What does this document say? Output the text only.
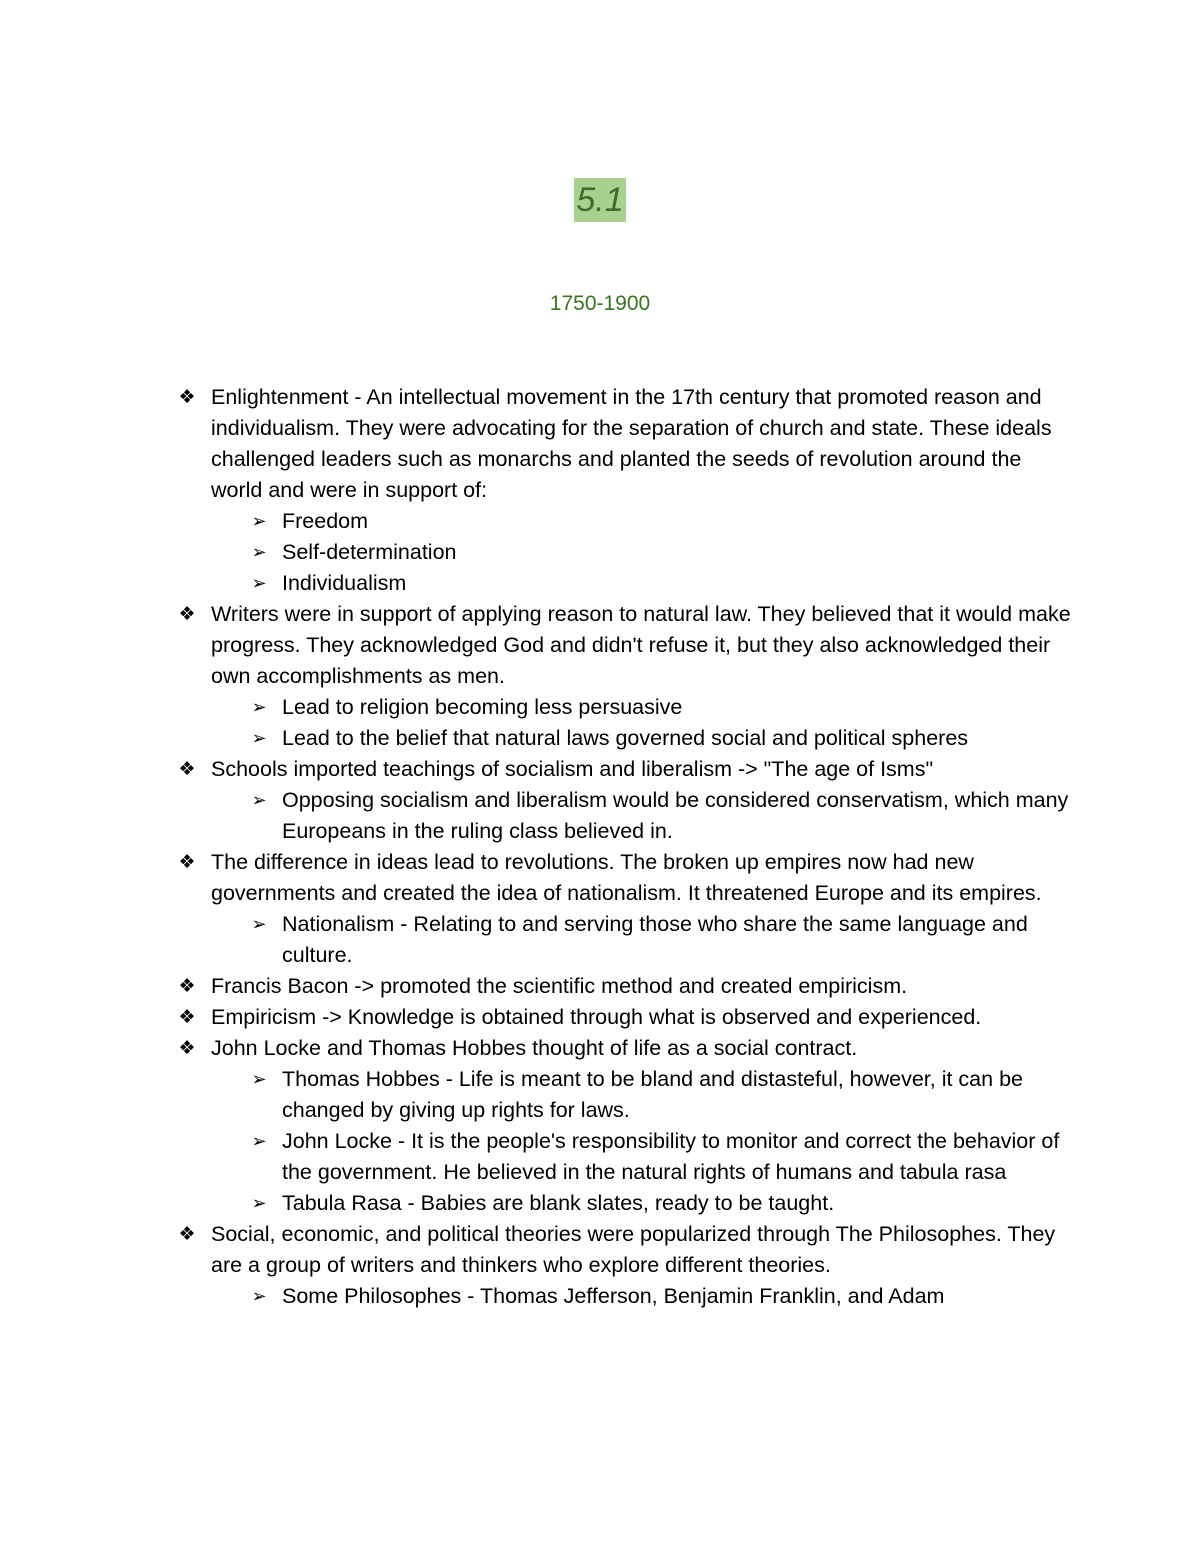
5.1
1750-1900
❖ Enlightenment - An intellectual movement in the 17th century that promoted reason and individualism. They were advocating for the separation of church and state. These ideals challenged leaders such as monarchs and planted the seeds of revolution around the world and were in support of:
➢ Freedom
➢ Self-determination
➢ Individualism
❖ Writers were in support of applying reason to natural law. They believed that it would make progress. They acknowledged God and didn't refuse it, but they also acknowledged their own accomplishments as men.
➢ Lead to religion becoming less persuasive
➢ Lead to the belief that natural laws governed social and political spheres
❖ Schools imported teachings of socialism and liberalism -> "The age of Isms"
➢ Opposing socialism and liberalism would be considered conservatism, which many Europeans in the ruling class believed in.
❖ The difference in ideas lead to revolutions. The broken up empires now had new governments and created the idea of nationalism. It threatened Europe and its empires.
➢ Nationalism - Relating to and serving those who share the same language and culture.
❖ Francis Bacon -> promoted the scientific method and created empiricism.
❖ Empiricism -> Knowledge is obtained through what is observed and experienced.
❖ John Locke and Thomas Hobbes thought of life as a social contract.
➢ Thomas Hobbes - Life is meant to be bland and distasteful, however, it can be changed by giving up rights for laws.
➢ John Locke - It is the people's responsibility to monitor and correct the behavior of the government. He believed in the natural rights of humans and tabula rasa
➢ Tabula Rasa - Babies are blank slates, ready to be taught.
❖ Social, economic, and political theories were popularized through The Philosophes. They are a group of writers and thinkers who explore different theories.
➢ Some Philosophes - Thomas Jefferson, Benjamin Franklin, and Adam
